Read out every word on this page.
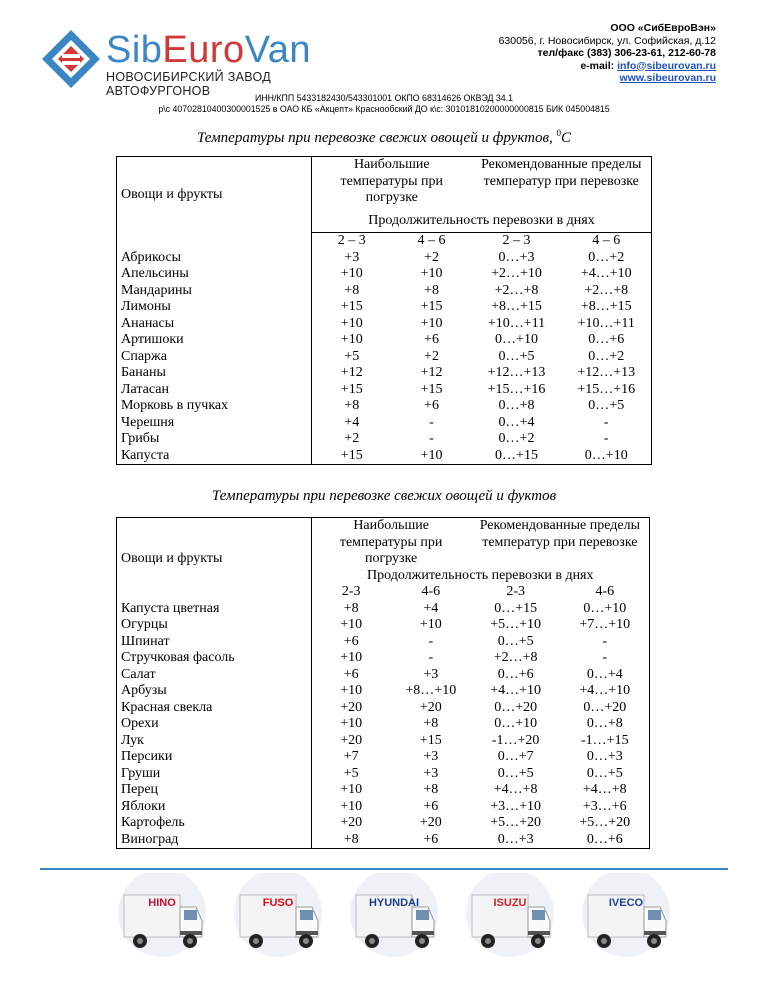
SibEuroVan
НОВОСИБИРСКИЙ ЗАВОД АВТОФУРГОНОВ
ООО «СибЕвроВэн»
630056, г. Новосибирск, ул. Софийская, д.12
тел/факс (383) 306-23-61, 212-60-78
e-mail: info@sibeurovan.ru
www.sibeurovan.ru
ИНН/КПП 5433182430/543301001 ОКПО 68314626 ОКВЭД 34.1
р\с 40702810400300001525 в ОАО КБ «Акцепт» Краснообский ДО к\с: 30101810200000000815 БИК 045004815
Температуры при перевозке свежих овощей и фруктов, $^0$С
Овощи и фрукты	Наибольшие температуры при погрузке		Рекомендованные пределы температур при перевозке	
	Продолжительность перевозки в днях			

	2 – 3	4 – 6	2 – 3	4 – 6
Абрикосы	+3	+2	0…+3	0…+2
Апельсины	+10	+10	+2…+10	+4…+10
Мандарины	+8	+8	+2…+8	+2…+8
Лимоны	+15	+15	+8…+15	+8…+15
Ананасы	+10	+10	+10…+11	+10…+11
Артишоки	+10	+6	0…+10	0…+6
Спаржа	+5	+2	0…+5	0…+2
Бананы	+12	+12	+12…+13	+12…+13
Латасан	+15	+15	+15…+16	+15…+16
Морковь в пучках	+8	+6	0…+8	0…+5
Черешня	+4	-	0…+4	-
Грибы	+2	-	0…+2	-
Капуста	+15	+10	0…+15	0…+10
Температуры при перевозке свежих овощей и фуктов
Овощи и фрукты	Наибольшие температуры при погрузке		Рекомендованные пределы температур при перевозке	
	Продолжительность перевозки в днях			
	2-3	4-6	2-3	4-6
Капуста цветная	+8	+4	0…+15	0…+10
Огурцы	+10	+10	+5…+10	+7…+10
Шпинат	+6	-	0…+5	-
Стручковая фасоль	+10	-	+2…+8	-
Салат	+6	+3	0…+6	0…+4
Арбузы	+10	+8…+10	+4…+10	+4…+10
Красная свекла	+20	+20	0…+20	0…+20
Орехи	+10	+8	0…+10	0…+8
Лук	+20	+15	-1…+20	-1…+15
Персики	+7	+3	0…+7	0…+3
Груши	+5	+3	0…+5	0…+5
Перец	+10	+8	+4…+8	+4…+8
Яблоки	+10	+6	+3…+10	+3…+6
Картофель	+20	+20	+5…+20	+5…+20
Виноград	+8	+6	0…+3	0…+6
HINO	FUSO	HYUNDAI	ISUZU	IVECO
